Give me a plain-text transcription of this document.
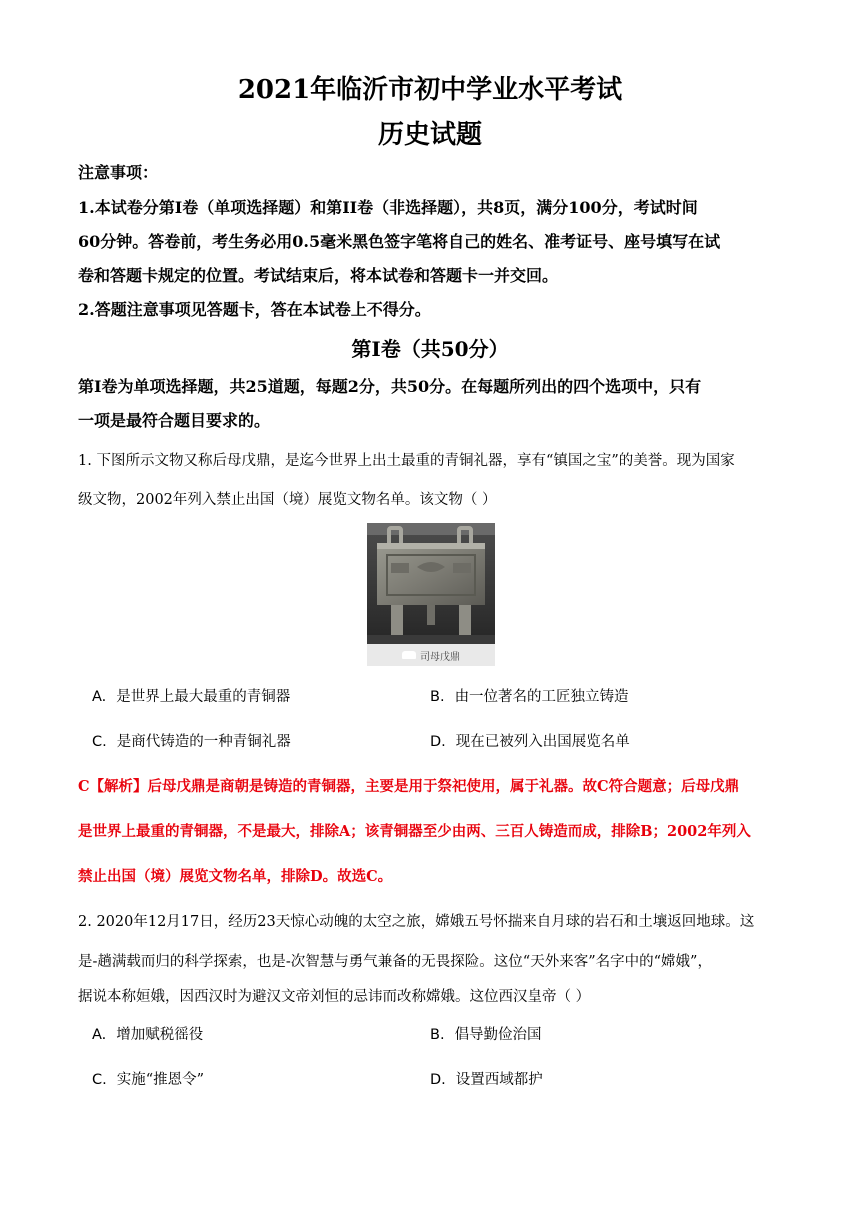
2021年临沂市初中学业水平考试
历史试题
注意事项：
1.本试卷分第Ⅰ卷（单项选择题）和第II卷（非选择题），共8页，满分100分，考试时间
60分钟。答卷前，考生务必用0.5毫米黑色签字笔将自己的姓名、准考证号、座号填写在试
卷和答题卡规定的位置。考试结束后，将本试卷和答题卡一并交回。
2.答题注意事项见答题卡，答在本试卷上不得分。
第Ⅰ卷（共50分）
第Ⅰ卷为单项选择题，共25道题，每题2分，共50分。在每题所列出的四个选项中，只有
一项是最符合题目要求的。
1. 下图所示文物又称后母戊鼎，是迄今世界上出土最重的青铜礼器，享有“镇国之宝”的美誉。现为国家
级文物，2002年列入禁止出国（境）展览文物名单。该文物（ ）
司母戊鼎
A. 是世界上最大最重的青铜器	B. 由一位著名的工匠独立铸造
C. 是商代铸造的一种青铜礼器	D. 现在已被列入出国展览名单
C【解析】后母戊鼎是商朝是铸造的青铜器，主要是用于祭祀使用，属于礼器。故C符合题意；后母戊鼎
是世界上最重的青铜器，不是最大，排除A；该青铜器至少由两、三百人铸造而成，排除B；2002年列入
禁止出国（境）展览文物名单，排除D。故选C。
2. 2020年12月17日，经历23天惊心动魄的太空之旅，嫦娥五号怀揣来自月球的岩石和土壤返回地球。这
是-趟满载而归的科学探索，也是-次智慧与勇气兼备的无畏探险。这位“天外来客”名字中的“嫦娥”，
据说本称姮娥，因西汉时为避汉文帝刘恒的忌讳而改称嫦娥。这位西汉皇帝（ ）
A. 增加赋税徭役	B. 倡导勤俭治国
C. 实施“推恩令”	D. 设置西域都护
